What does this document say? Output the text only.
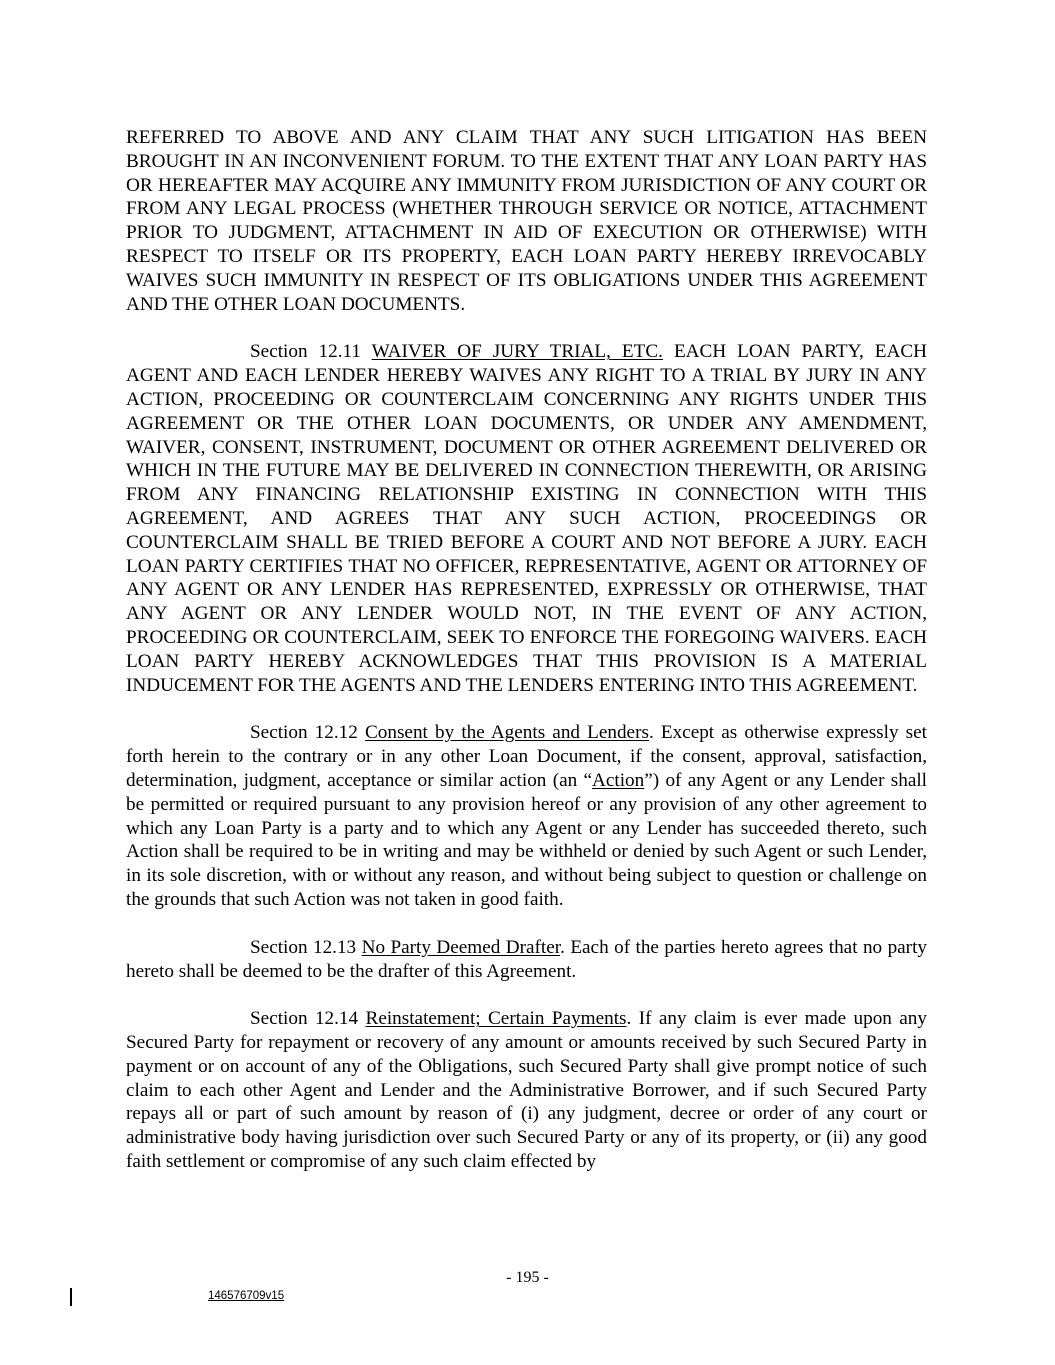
REFERRED TO ABOVE AND ANY CLAIM THAT ANY SUCH LITIGATION HAS BEEN BROUGHT IN AN INCONVENIENT FORUM. TO THE EXTENT THAT ANY LOAN PARTY HAS OR HEREAFTER MAY ACQUIRE ANY IMMUNITY FROM JURISDICTION OF ANY COURT OR FROM ANY LEGAL PROCESS (WHETHER THROUGH SERVICE OR NOTICE, ATTACHMENT PRIOR TO JUDGMENT, ATTACHMENT IN AID OF EXECUTION OR OTHERWISE) WITH RESPECT TO ITSELF OR ITS PROPERTY, EACH LOAN PARTY HEREBY IRREVOCABLY WAIVES SUCH IMMUNITY IN RESPECT OF ITS OBLIGATIONS UNDER THIS AGREEMENT AND THE OTHER LOAN DOCUMENTS.

Section 12.11 WAIVER OF JURY TRIAL, ETC. EACH LOAN PARTY, EACH AGENT AND EACH LENDER HEREBY WAIVES ANY RIGHT TO A TRIAL BY JURY IN ANY ACTION, PROCEEDING OR COUNTERCLAIM CONCERNING ANY RIGHTS UNDER THIS AGREEMENT OR THE OTHER LOAN DOCUMENTS, OR UNDER ANY AMENDMENT, WAIVER, CONSENT, INSTRUMENT, DOCUMENT OR OTHER AGREEMENT DELIVERED OR WHICH IN THE FUTURE MAY BE DELIVERED IN CONNECTION THEREWITH, OR ARISING FROM ANY FINANCING RELATIONSHIP EXISTING IN CONNECTION WITH THIS AGREEMENT, AND AGREES THAT ANY SUCH ACTION, PROCEEDINGS OR COUNTERCLAIM SHALL BE TRIED BEFORE A COURT AND NOT BEFORE A JURY. EACH LOAN PARTY CERTIFIES THAT NO OFFICER, REPRESENTATIVE, AGENT OR ATTORNEY OF ANY AGENT OR ANY LENDER HAS REPRESENTED, EXPRESSLY OR OTHERWISE, THAT ANY AGENT OR ANY LENDER WOULD NOT, IN THE EVENT OF ANY ACTION, PROCEEDING OR COUNTERCLAIM, SEEK TO ENFORCE THE FOREGOING WAIVERS. EACH LOAN PARTY HEREBY ACKNOWLEDGES THAT THIS PROVISION IS A MATERIAL INDUCEMENT FOR THE AGENTS AND THE LENDERS ENTERING INTO THIS AGREEMENT.

Section 12.12 Consent by the Agents and Lenders. Except as otherwise expressly set forth herein to the contrary or in any other Loan Document, if the consent, approval, satisfaction, determination, judgment, acceptance or similar action (an “Action”) of any Agent or any Lender shall be permitted or required pursuant to any provision hereof or any provision of any other agreement to which any Loan Party is a party and to which any Agent or any Lender has succeeded thereto, such Action shall be required to be in writing and may be withheld or denied by such Agent or such Lender, in its sole discretion, with or without any reason, and without being subject to question or challenge on the grounds that such Action was not taken in good faith.

Section 12.13 No Party Deemed Drafter. Each of the parties hereto agrees that no party hereto shall be deemed to be the drafter of this Agreement.

Section 12.14 Reinstatement; Certain Payments. If any claim is ever made upon any Secured Party for repayment or recovery of any amount or amounts received by such Secured Party in payment or on account of any of the Obligations, such Secured Party shall give prompt notice of such claim to each other Agent and Lender and the Administrative Borrower, and if such Secured Party repays all or part of such amount by reason of (i) any judgment, decree or order of any court or administrative body having jurisdiction over such Secured Party or any of its property, or (ii) any good faith settlement or compromise of any such claim effected by

- 195 -
146576709v15
